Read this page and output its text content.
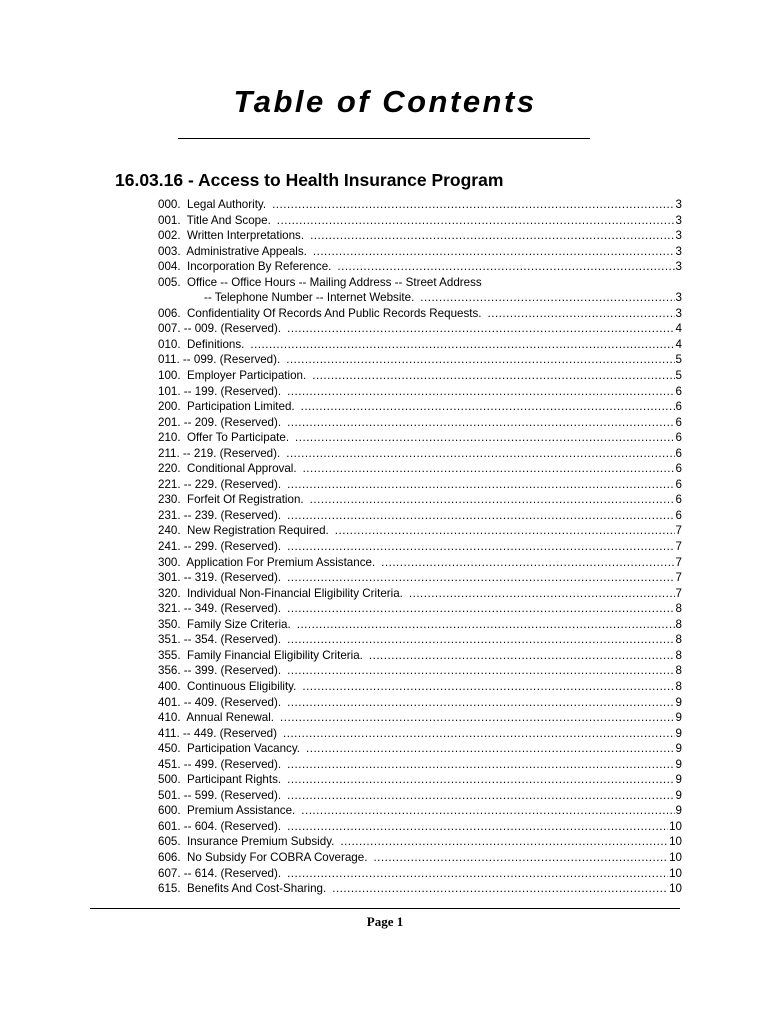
Table of Contents
16.03.16 - Access to Health Insurance Program
000.  Legal Authority. .....	3
001.  Title And Scope. .....	3
002.  Written Interpretations. .....	3
003.  Administrative Appeals. .....	3
004.  Incorporation By Reference. .....	3
005.  Office -- Office Hours -- Mailing Address -- Street Address
-- Telephone Number -- Internet Website. .....	3
006.  Confidentiality Of Records And Public Records Requests. .....	3
007. -- 009. (Reserved). .....	4
010.  Definitions. .....	4
011. -- 099. (Reserved). .....	5
100.  Employer Participation. .....	5
101. -- 199. (Reserved). .....	6
200.  Participation Limited. .....	6
201. -- 209. (Reserved). .....	6
210.  Offer To Participate. .....	6
211. -- 219. (Reserved). .....	6
220.  Conditional Approval. .....	6
221. -- 229. (Reserved). .....	6
230.  Forfeit Of Registration. .....	6
231. -- 239. (Reserved). .....	6
240.  New Registration Required. .....	7
241. -- 299. (Reserved). .....	7
300.  Application For Premium Assistance. .....	7
301. -- 319. (Reserved). .....	7
320.  Individual Non-Financial Eligibility Criteria. .....	7
321. -- 349. (Reserved). .....	8
350.  Family Size Criteria. .....	8
351. -- 354. (Reserved). .....	8
355.  Family Financial Eligibility Criteria. .....	8
356. -- 399. (Reserved). .....	8
400.  Continuous Eligibility. .....	8
401. -- 409. (Reserved). .....	9
410.  Annual Renewal. .....	9
411. -- 449. (Reserved) .....	9
450.  Participation Vacancy. .....	9
451. -- 499. (Reserved). .....	9
500.  Participant Rights. .....	9
501. -- 599. (Reserved). .....	9
600.  Premium Assistance. .....	9
601. -- 604. (Reserved). .....	10
605.  Insurance Premium Subsidy. .....	10
606.  No Subsidy For COBRA Coverage. .....	10
607. -- 614. (Reserved). .....	10
615.  Benefits And Cost-Sharing. .....	10
Page 1
